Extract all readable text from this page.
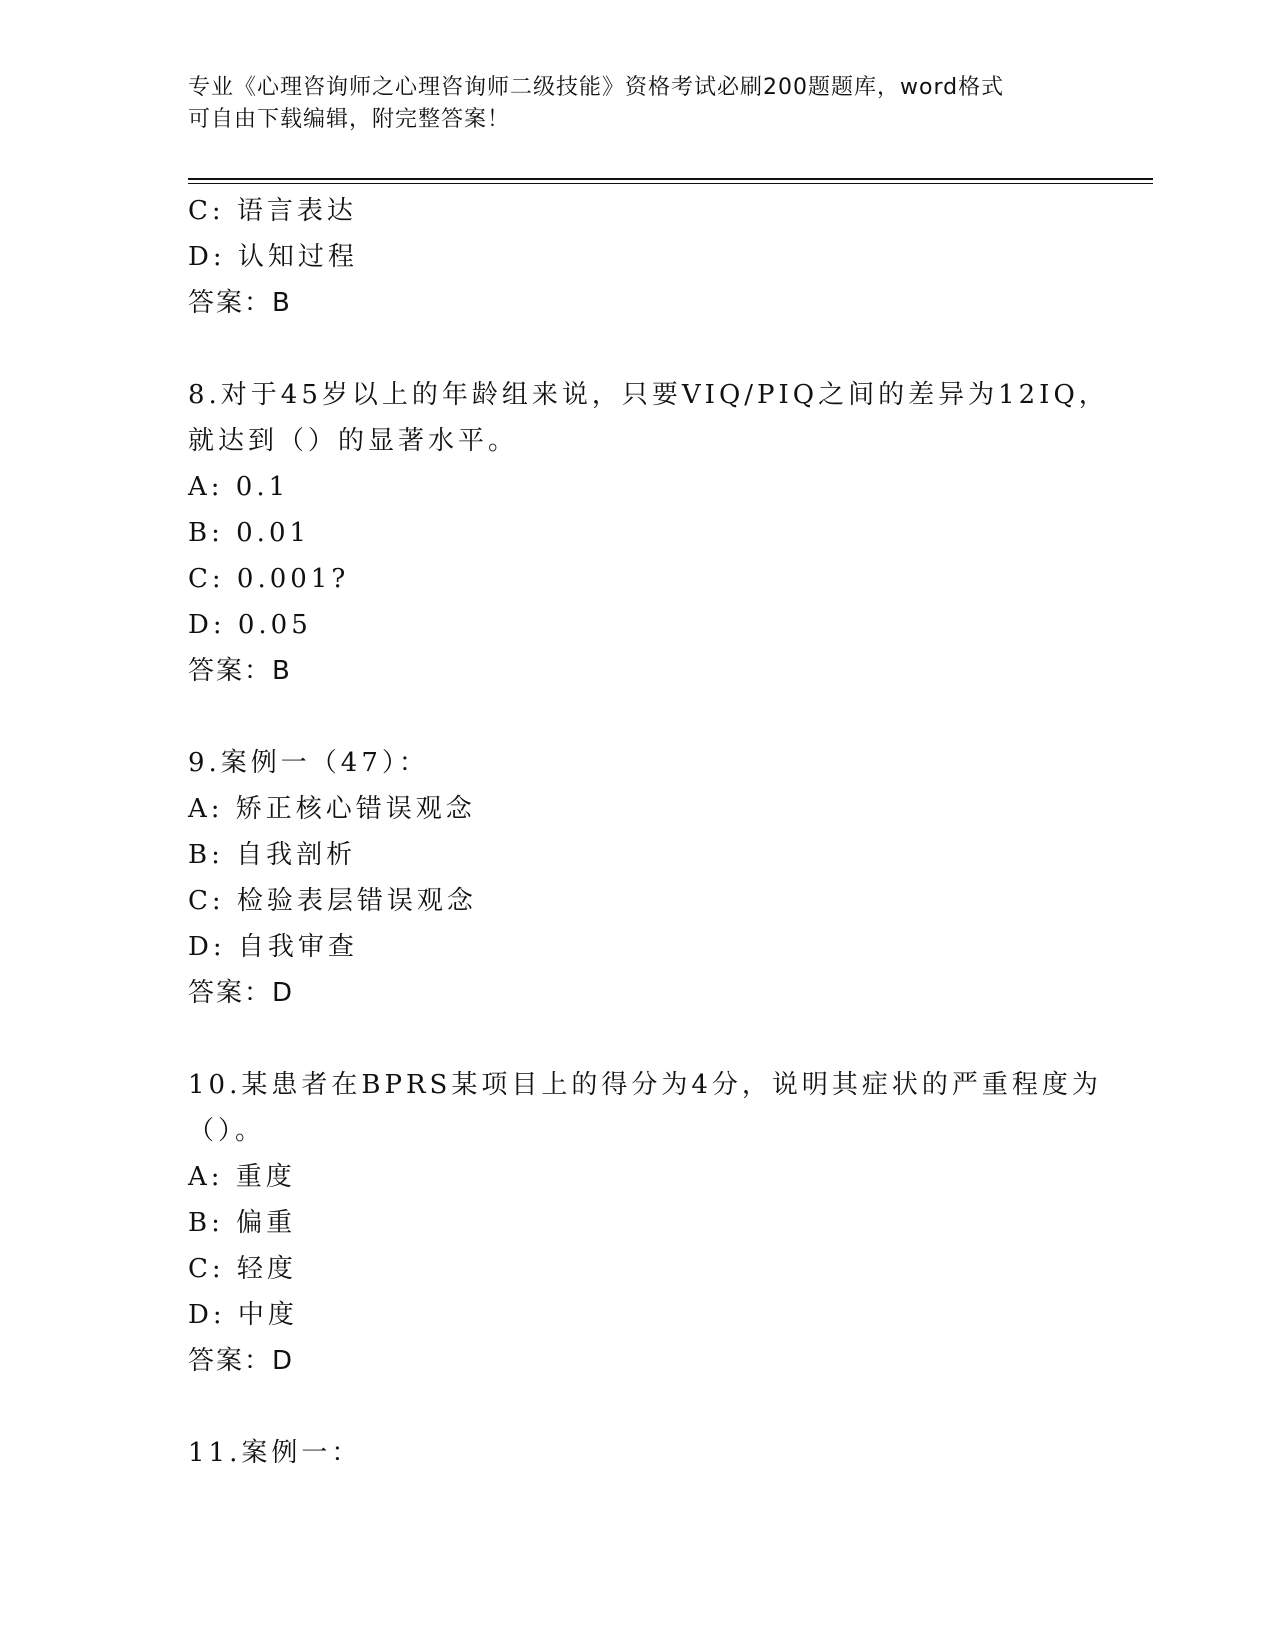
专业《心理咨询师之心理咨询师二级技能》资格考试必刷200题题库，word格式
可自由下载编辑，附完整答案！
C: 语言表达
D: 认知过程
答案：B
8.对于45岁以上的年龄组来说，只要VIQ/PIQ之间的差异为12IQ，
就达到（）的显著水平。
A: 0.1
B: 0.01
C: 0.001?
D: 0.05
答案：B
9.案例一（47）：
A: 矫正核心错误观念
B: 自我剖析
C: 检验表层错误观念
D: 自我审查
答案：D
10.某患者在BPRS某项目上的得分为4分，说明其症状的严重程度为
（）。
A: 重度
B: 偏重
C: 轻度
D: 中度
答案：D
11.案例一：
